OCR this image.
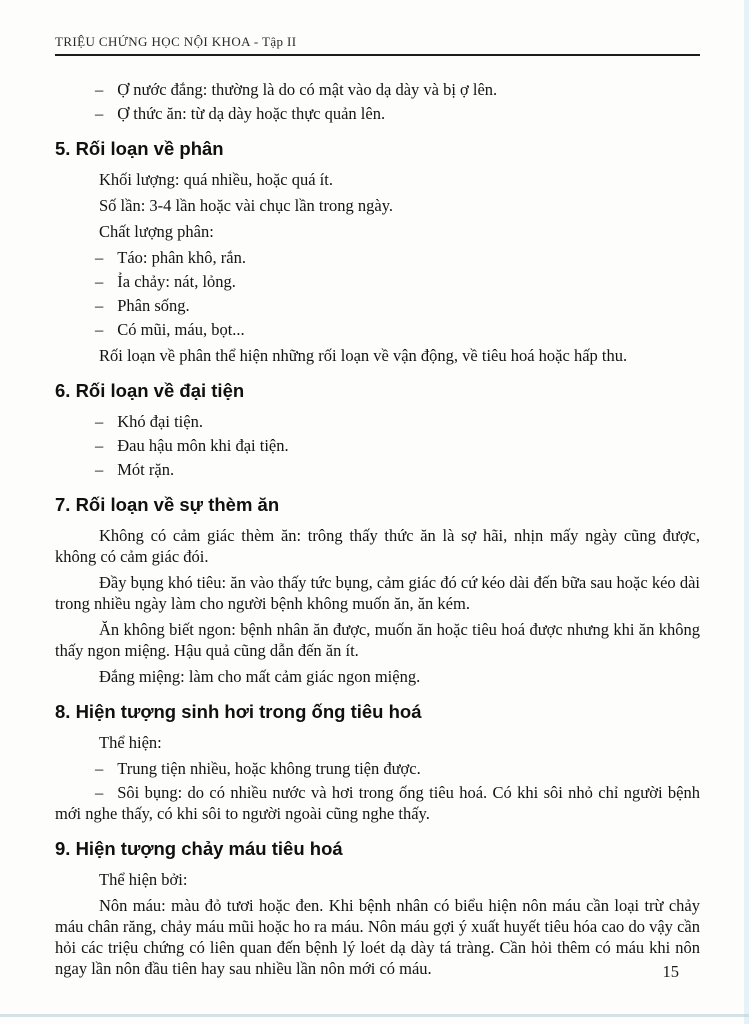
TRIỆU CHỨNG HỌC NỘI KHOA - Tập II

– Ợ nước đắng: thường là do có mật vào dạ dày và bị ợ lên.

– Ợ thức ăn: từ dạ dày hoặc thực quản lên.

5. Rối loạn về phân

Khối lượng: quá nhiều, hoặc quá ít.

Số lần: 3-4 lần hoặc vài chục lần trong ngày.

Chất lượng phân:

– Táo: phân khô, rắn.

– Ỉa chảy: nát, lỏng.

– Phân sống.

– Có mũi, máu, bọt...

Rối loạn về phân thể hiện những rối loạn về vận động, về tiêu hoá hoặc hấp thu.

6. Rối loạn về đại tiện

– Khó đại tiện.

– Đau hậu môn khi đại tiện.

– Mót rặn.

7. Rối loạn về sự thèm ăn

Không có cảm giác thèm ăn: trông thấy thức ăn là sợ hãi, nhịn mấy ngày cũng được, không có cảm giác đói.

Đầy bụng khó tiêu: ăn vào thấy tức bụng, cảm giác đó cứ kéo dài đến bữa sau hoặc kéo dài trong nhiều ngày làm cho người bệnh không muốn ăn, ăn kém.

Ăn không biết ngon: bệnh nhân ăn được, muốn ăn hoặc tiêu hoá được nhưng khi ăn không thấy ngon miệng. Hậu quả cũng dẫn đến ăn ít.

Đắng miệng: làm cho mất cảm giác ngon miệng.

8. Hiện tượng sinh hơi trong ống tiêu hoá

Thể hiện:

– Trung tiện nhiều, hoặc không trung tiện được.

– Sôi bụng: do có nhiều nước và hơi trong ống tiêu hoá. Có khi sôi nhỏ chỉ người bệnh mới nghe thấy, có khi sôi to người ngoài cũng nghe thấy.

9. Hiện tượng chảy máu tiêu hoá

Thể hiện bởi:

Nôn máu: màu đỏ tươi hoặc đen. Khi bệnh nhân có biểu hiện nôn máu cần loại trừ chảy máu chân răng, chảy máu mũi hoặc ho ra máu. Nôn máu gợi ý xuất huyết tiêu hóa cao do vậy cần hỏi các triệu chứng có liên quan đến bệnh lý loét dạ dày tá tràng. Cần hỏi thêm có máu khi nôn ngay lần nôn đầu tiên hay sau nhiều lần nôn mới có máu.	15
